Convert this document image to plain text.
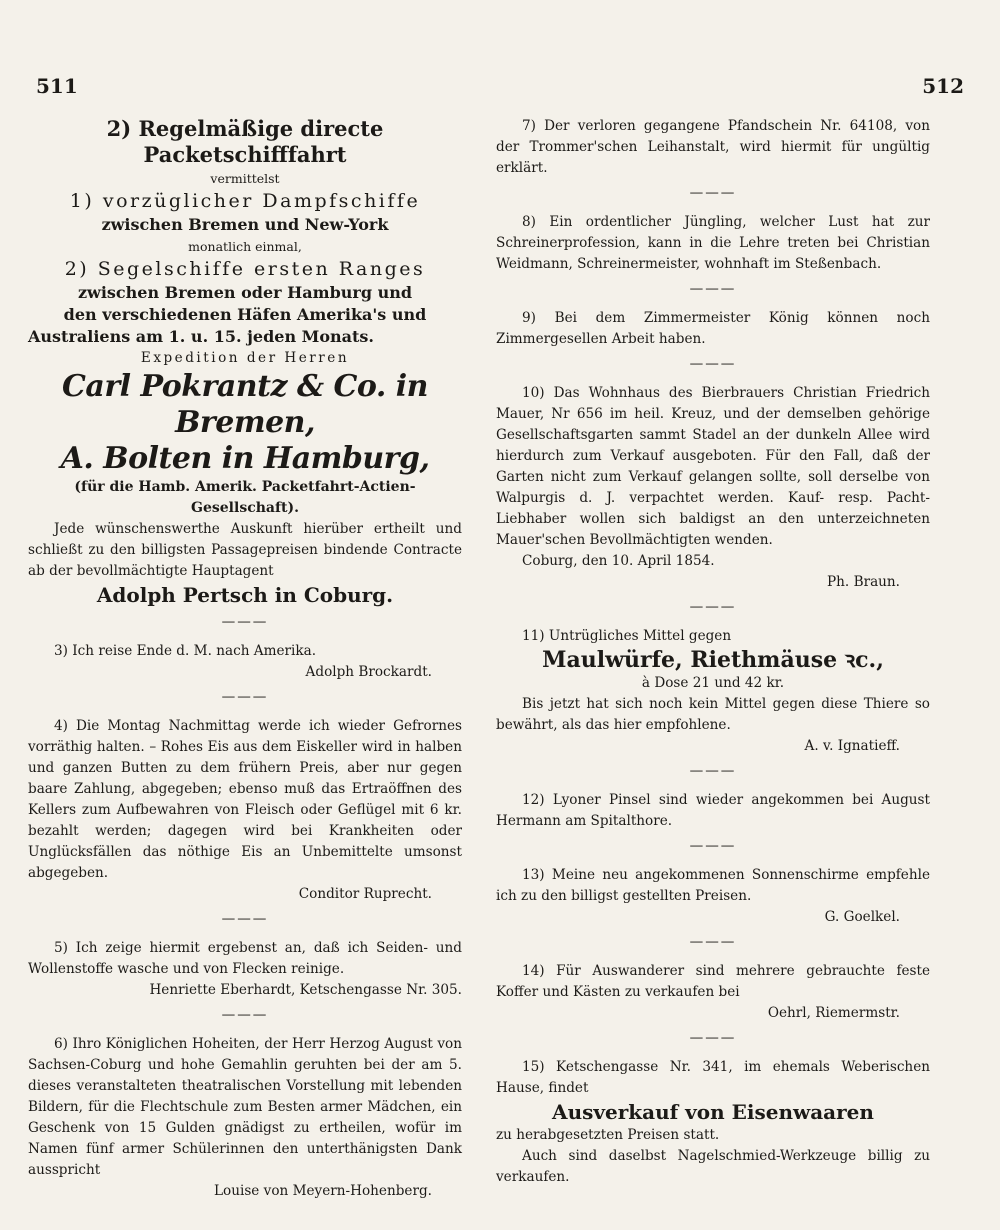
511	512
2) Regelmäßige directe Packetschifffahrt
vermittelst
1) vorzüglicher Dampfschiffe
zwischen Bremen und New-York
monatlich einmal,
2) Segelschiffe ersten Ranges
zwischen Bremen oder Hamburg und
den verschiedenen Häfen Amerika's und
Australiens am 1. u. 15. jeden Monats.
Expedition der Herren
Carl Pokrantz & Co. in Bremen,
A. Bolten in Hamburg,
(für die Hamb. Amerik. Packetfahrt-Actien-Gesellschaft).
Jede wünschenswerthe Auskunft hierüber ertheilt und schließt zu den billigsten Passagepreisen bindende Contracte ab der bevollmächtigte Hauptagent
Adolph Pertsch in Coburg.
———
3) Ich reise Ende d. M. nach Amerika.
Adolph Brockardt.
———
4) Die Montag Nachmittag werde ich wieder Gefrornes vorräthig halten. – Rohes Eis aus dem Eiskeller wird in halben und ganzen Butten zu dem frühern Preis, aber nur gegen baare Zahlung, abgegeben; ebenso muß das Ertraöffnen des Kellers zum Aufbewahren von Fleisch oder Geflügel mit 6 kr. bezahlt werden; dagegen wird bei Krankheiten oder Unglücksfällen das nöthige Eis an Unbemittelte umsonst abgegeben.
Conditor Ruprecht.
———
5) Ich zeige hiermit ergebenst an, daß ich Seiden- und Wollenstoffe wasche und von Flecken reinige.
Henriette Eberhardt, Ketschengasse Nr. 305.
———
6) Ihro Königlichen Hoheiten, der Herr Herzog August von Sachsen-Coburg und hohe Gemahlin geruhten bei der am 5. dieses veranstalteten theatralischen Vorstellung mit lebenden Bildern, für die Flechtschule zum Besten armer Mädchen, ein Geschenk von 15 Gulden gnädigst zu ertheilen, wofür im Namen fünf armer Schülerinnen den unterthänigsten Dank ausspricht
Louise von Meyern-Hohenberg.
7) Der verloren gegangene Pfandschein Nr. 64108, von der Trommer'schen Leihanstalt, wird hiermit für ungültig erklärt.
———
8) Ein ordentlicher Jüngling, welcher Lust hat zur Schreinerprofession, kann in die Lehre treten bei Christian Weidmann, Schreinermeister, wohnhaft im Steßenbach.
———
9) Bei dem Zimmermeister König können noch Zimmergesellen Arbeit haben.
———
10) Das Wohnhaus des Bierbrauers Christian Friedrich Mauer, Nr 656 im heil. Kreuz, und der demselben gehörige Gesellschaftsgarten sammt Stadel an der dunkeln Allee wird hierdurch zum Verkauf ausgeboten. Für den Fall, daß der Garten nicht zum Verkauf gelangen sollte, soll derselbe von Walpurgis d. J. verpachtet werden. Kauf- resp. Pacht-Liebhaber wollen sich baldigst an den unterzeichneten Mauer'schen Bevollmächtigten wenden.
Coburg, den 10. April 1854.
Ph. Braun.
———
11) Untrügliches Mittel gegen
Maulwürfe, Riethmäuse ꝛc.,
à Dose 21 und 42 kr.
Bis jetzt hat sich noch kein Mittel gegen diese Thiere so bewährt, als das hier empfohlene.
A. v. Ignatieff.
———
12) Lyoner Pinsel sind wieder angekommen bei August Hermann am Spitalthore.
———
13) Meine neu angekommenen Sonnenschirme empfehle ich zu den billigst gestellten Preisen.
G. Goelkel.
———
14) Für Auswanderer sind mehrere gebrauchte feste Koffer und Kästen zu verkaufen bei
Oehrl, Riemermstr.
———
15) Ketschengasse Nr. 341, im ehemals Weberischen Hause, findet
Ausverkauf von Eisenwaaren
zu herabgesetzten Preisen statt.
Auch sind daselbst Nagelschmied-Werkzeuge billig zu verkaufen.
